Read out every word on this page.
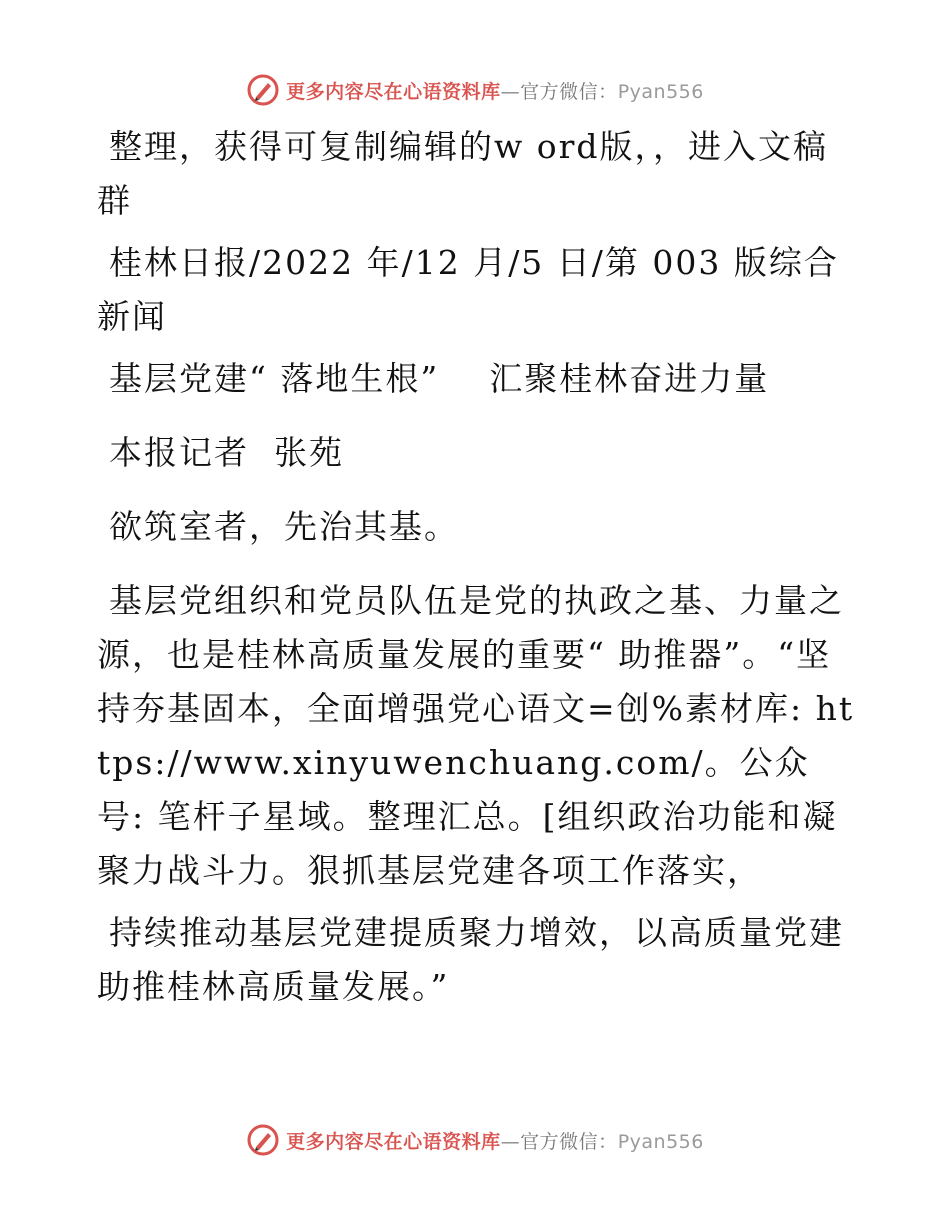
更多内容尽在心语资料库—官方微信：Pyan556

整理，获得可复制编辑的w ord版，，进入文稿群

桂林日报/2022 年/12 月/5 日/第 003 版综合新闻

基层党建“ 落地生根”    汇聚桂林奋进力量

本报记者  张苑

欲筑室者，先治其基。

基层党组织和党员队伍是党的执政之基、力量之源，也是桂林高质量发展的重要“ 助推器”。“坚持夯基固本，全面增强党心语文=创%素材库: https://www.xinyuwenchuang.com/。公众号: 笔杆子星域。整理汇总。[组织政治功能和凝聚力战斗力。狠抓基层党建各项工作落实，

持续推动基层党建提质聚力增效，以高质量党建助推桂林高质量发展。”

更多内容尽在心语资料库—官方微信：Pyan556
